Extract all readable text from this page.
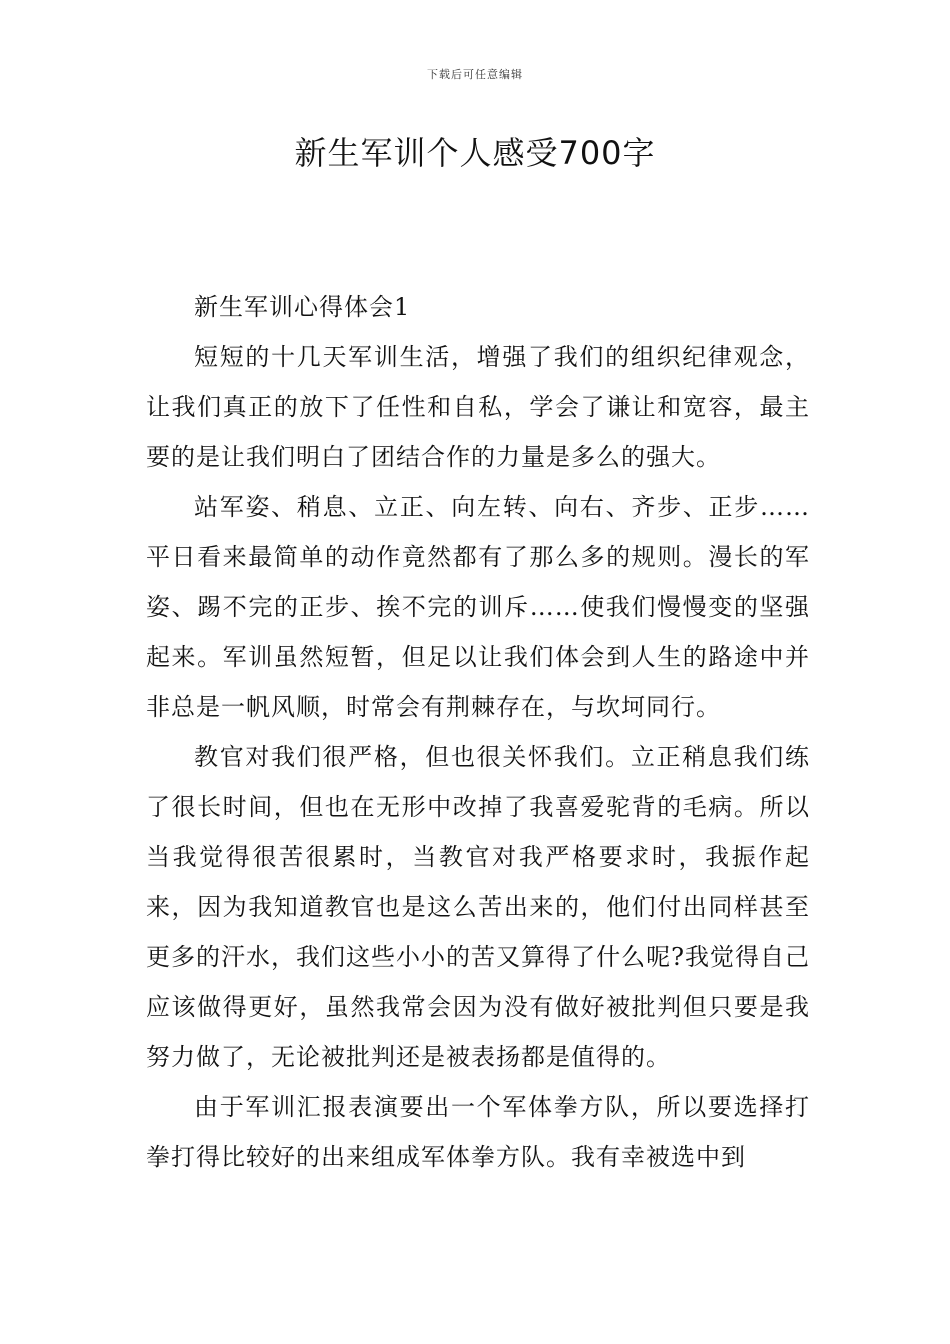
下载后可任意编辑
新生军训个人感受700字

新生军训心得体会1

短短的十几天军训生活，增强了我们的组织纪律观念，让我们真正的放下了任性和自私，学会了谦让和宽容，最主要的是让我们明白了团结合作的力量是多么的强大。

站军姿、稍息、立正、向左转、向右、齐步、正步……平日看来最简单的动作竟然都有了那么多的规则。漫长的军姿、踢不完的正步、挨不完的训斥……使我们慢慢变的坚强起来。军训虽然短暂，但足以让我们体会到人生的路途中并非总是一帆风顺，时常会有荆棘存在，与坎坷同行。

教官对我们很严格，但也很关怀我们。立正稍息我们练了很长时间，但也在无形中改掉了我喜爱驼背的毛病。所以当我觉得很苦很累时，当教官对我严格要求时，我振作起来，因为我知道教官也是这么苦出来的，他们付出同样甚至更多的汗水，我们这些小小的苦又算得了什么呢?我觉得自己应该做得更好，虽然我常会因为没有做好被批判但只要是我努力做了，无论被批判还是被表扬都是值得的。

由于军训汇报表演要出一个军体拳方队，所以要选择打拳打得比较好的出来组成军体拳方队。我有幸被选中到
